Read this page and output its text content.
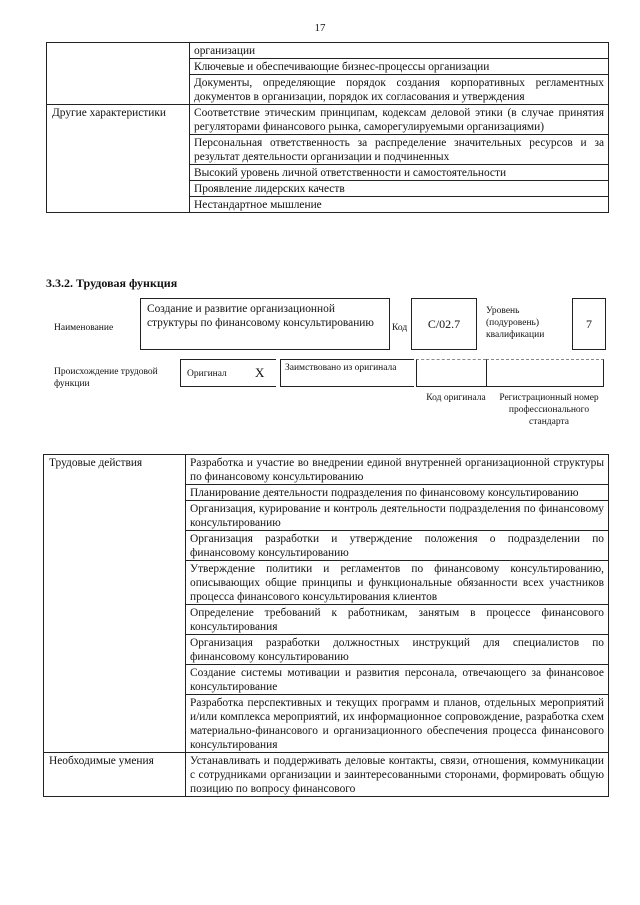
17
	организации
	Ключевые и обеспечивающие бизнес-процессы организации
	Документы, определяющие порядок создания корпоративных регламентных документов в организации, порядок их согласования и утверждения
Другие характеристики	Соответствие этическим принципам, кодексам деловой этики (в случае принятия регуляторами финансового рынка, саморегулируемыми организациями)
	Персональная ответственность за распределение значительных ресурсов и за результат деятельности организации и подчиненных
	Высокий уровень личной ответственности и самостоятельности
	Проявление лидерских качеств
	Нестандартное мышление
3.3.2. Трудовая функция
Наименование
Создание и развитие организационной структуры по финансовому консультированию	Код	C/02.7
Уровень (подуровень) квалификации
7
Происхождение трудовой функции
Оригинал X	Заимствовано из оригинала
Код оригинала	Регистрационный номер профессионального стандарта
Трудовые действия	Разработка и участие во внедрении единой внутренней организационной структуры по финансовому консультированию
	Планирование деятельности подразделения по финансовому консультированию
	Организация, курирование и контроль деятельности подразделения по финансовому консультированию
	Организация разработки и утверждение положения о подразделении по финансовому консультированию
	Утверждение политики и регламентов по финансовому консультированию, описывающих общие принципы и функциональные обязанности всех участников процесса финансового консультирования клиентов
	Определение требований к работникам, занятым в процессе финансового консультирования
	Организация разработки должностных инструкций для специалистов по финансовому консультированию
	Создание системы мотивации и развития персонала, отвечающего за финансовое консультирование
	Разработка перспективных и текущих программ и планов, отдельных мероприятий и/или комплекса мероприятий, их информационное сопровождение, разработка схем материально-финансового и организационного обеспечения процесса финансового консультирования
Необходимые умения	Устанавливать и поддерживать деловые контакты, связи, отношения, коммуникации с сотрудниками организации и заинтересованными сторонами, формировать общую позицию по вопросу финансового
